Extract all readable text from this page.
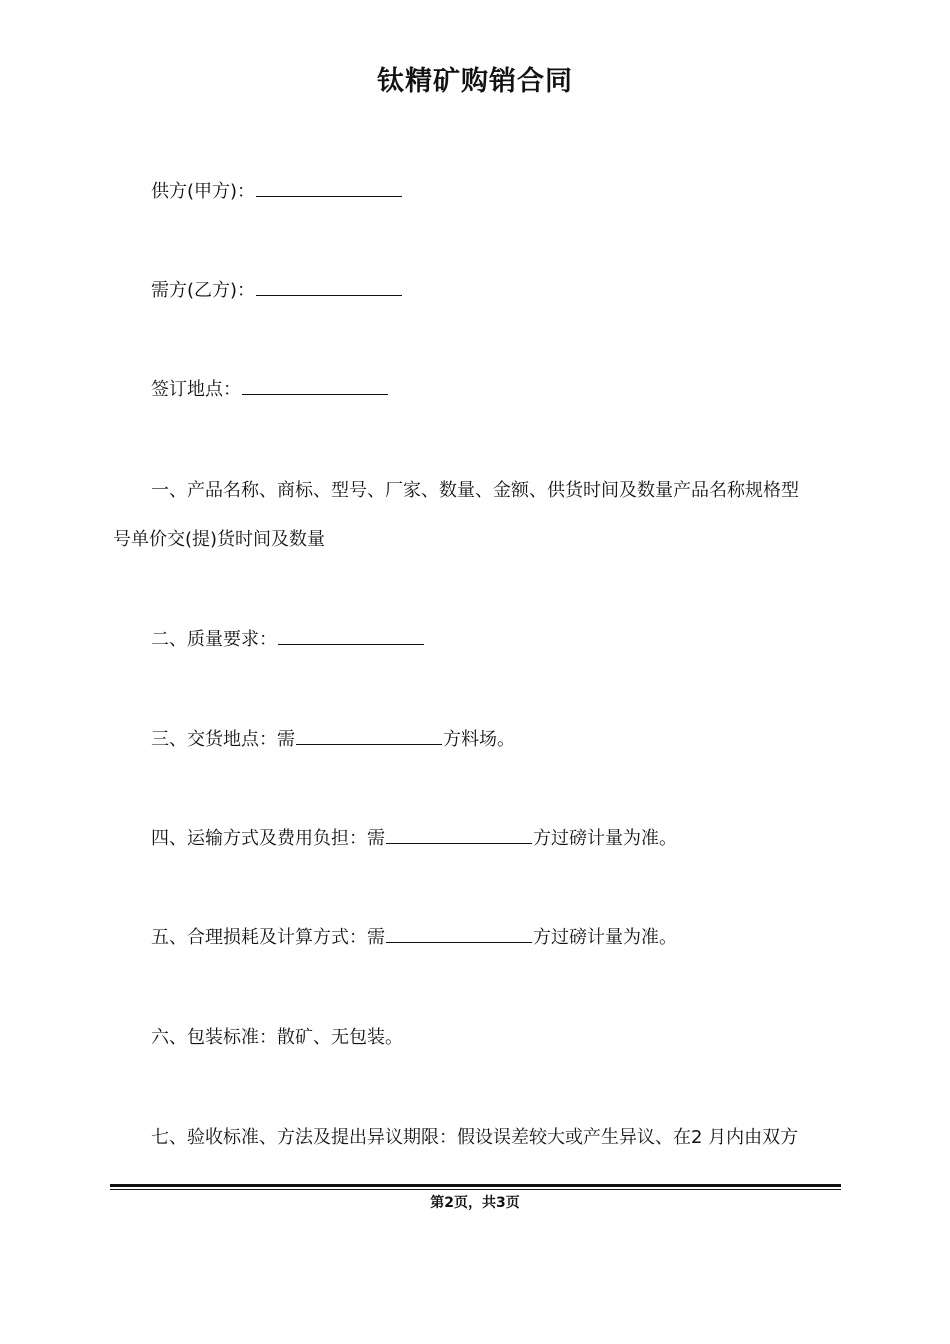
钛精矿购销合同
供方(甲方)：
需方(乙方)：
签订地点：
一、产品名称、商标、型号、厂家、数量、金额、供货时间及数量产品名称规格型
号单价交(提)货时间及数量
二、质量要求：
三、交货地点：需	方料场。
四、运输方式及费用负担：需	方过磅计量为准。
五、合理损耗及计算方式：需	方过磅计量为准。
六、包装标准：散矿、无包装。
七、验收标准、方法及提出异议期限：假设误差较大或产生异议、在2 月内由双方
第2页，共3页
